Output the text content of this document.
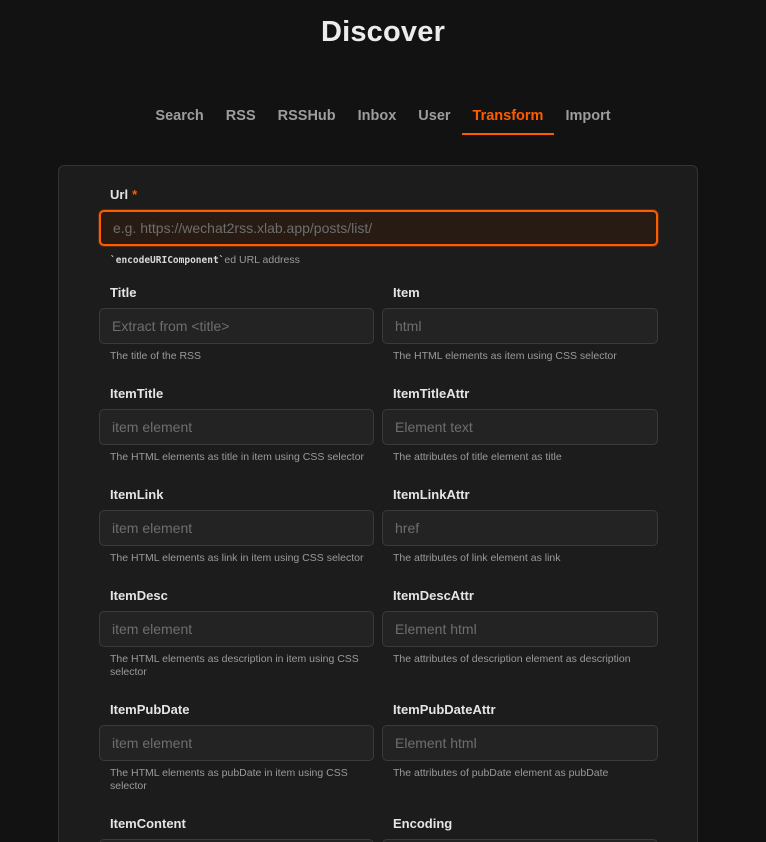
Discover
Search	RSS	RSSHub	Inbox	User	Transform	Import
Url *
e.g. https://wechat2rss.xlab.app/posts/list/
`encodeURIComponent`ed URL address
Title
Extract from <title>
The title of the RSS
Item
html
The HTML elements as item using CSS selector
ItemTitle
item element
The HTML elements as title in item using CSS selector
ItemTitleAttr
Element text
The attributes of title element as title
ItemLink
item element
The HTML elements as link in item using CSS selector
ItemLinkAttr
href
The attributes of link element as link
ItemDesc
item element
The HTML elements as description in item using CSS selector
ItemDescAttr
Element html
The attributes of description element as description
ItemPubDate
item element
The HTML elements as pubDate in item using CSS selector
ItemPubDateAttr
Element html
The attributes of pubDate element as pubDate
ItemContent	Encoding
